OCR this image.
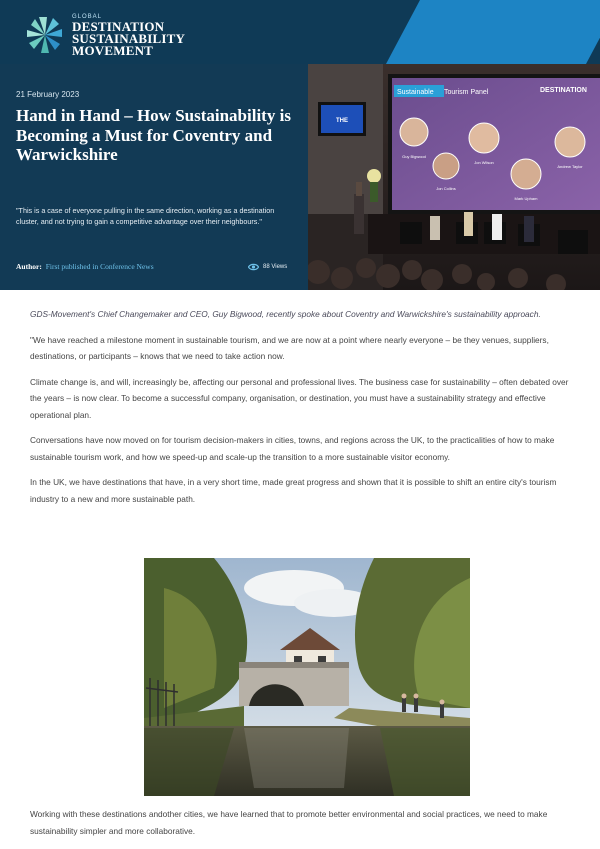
GLOBAL
DESTINATION
SUSTAINABILITY
MOVEMENT
21 February 2023
Hand in Hand – How Sustainability is Becoming a Must for Coventry and Warwickshire

"This is a case of everyone pulling in the same direction, working as a destination cluster, and not trying to gain a competitive advantage over their neighbours."

Author: First published in Conference News	88 Views
THE
Sustainable Tourism Panel	DESTINATION
Guy Bigwood
Jon Collins
Jon Wilson
Mark Upham
Andrew Taylor

GDS-Movement's Chief Changemaker and CEO, Guy Bigwood, recently spoke about Coventry and Warwickshire's sustainability approach.

"We have reached a milestone moment in sustainable tourism, and we are now at a point where nearly everyone – be they venues, suppliers, destinations, or participants – knows that we need to take action now.

Climate change is, and will, increasingly be, affecting our personal and professional lives. The business case for sustainability – often debated over the years – is now clear. To become a successful company, organisation, or destination, you must have a sustainability strategy and effective operational plan.

Conversations have now moved on for tourism decision-makers in cities, towns, and regions across the UK, to the practicalities of how to make sustainable tourism work, and how we speed-up and scale-up the transition to a more sustainable visitor economy.

In the UK, we have destinations that have, in a very short time, made great progress and shown that it is possible to shift an entire city's tourism industry to a new and more sustainable path.

Working with these destinations andother cities, we have learned that to promote better environmental and social practices, we need to make sustainability simpler and more collaborative.
